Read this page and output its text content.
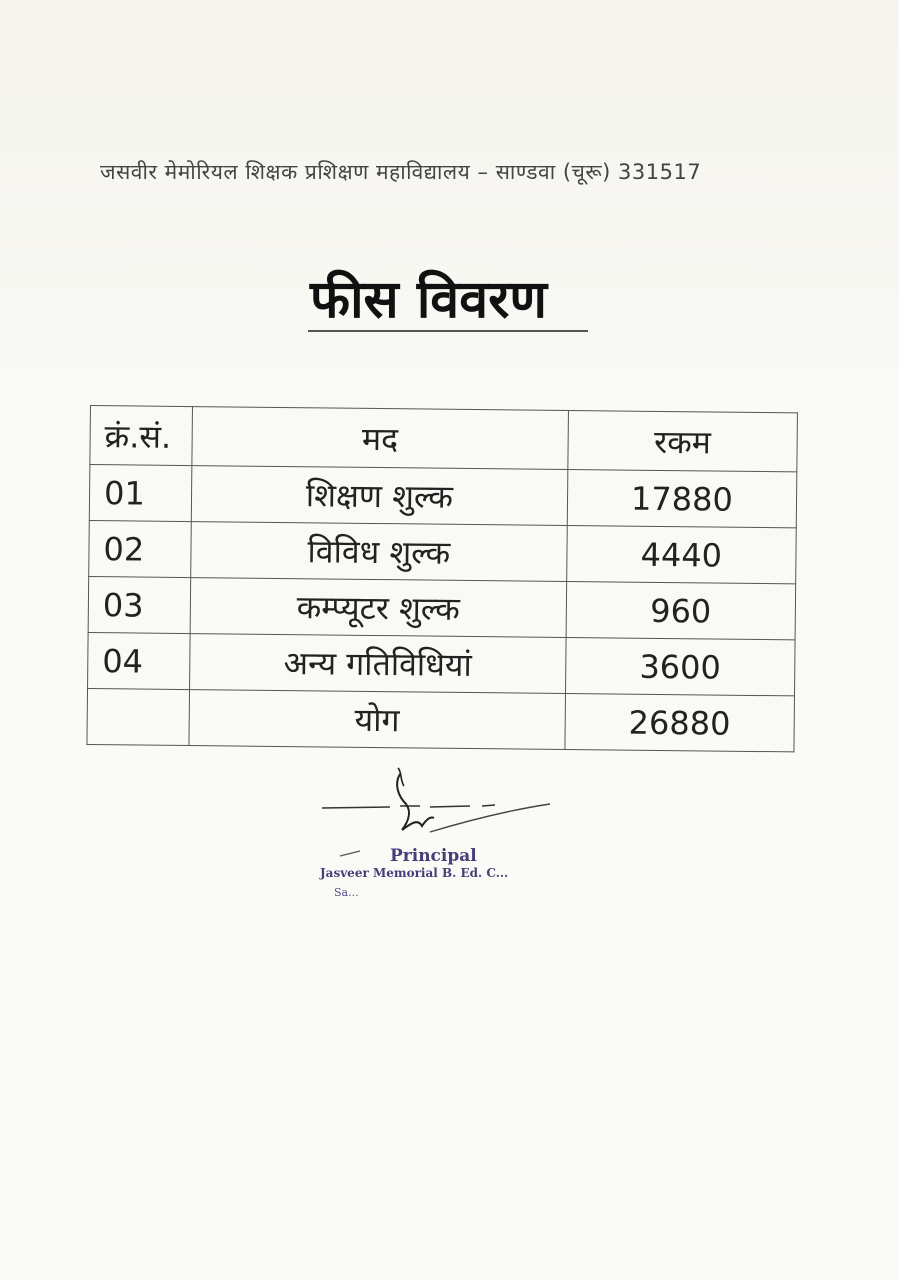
जसवीर मेमोरियल शिक्षक प्रशिक्षण महाविद्यालय – साण्डवा (चूरू) 331517
फीस विवरण
क्रं.सं.	मद	रकम
01	शिक्षण शुल्क	17880
02	विविध शुल्क	4440
03	कम्प्यूटर शुल्क	960
04	अन्य गतिविधियां	3600
	योग	26880
Principal
Jasveer Memorial B. Ed. C...
Sa...
